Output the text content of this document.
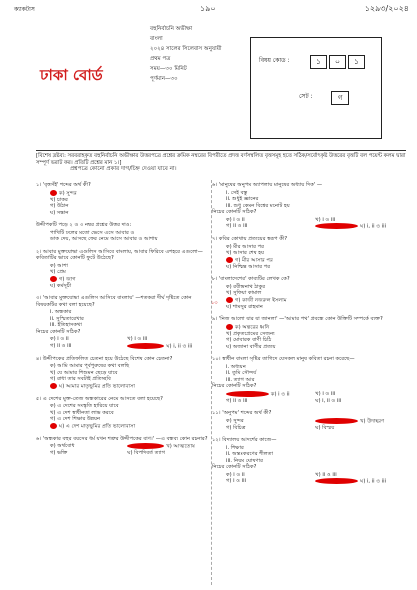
ক্যাকটাস	১৯০	১২৯৩/২০২৪
ঢাকা বোর্ড
বহুনির্বাচনি অভীক্ষা
বাংলা
২০২৪ সালের সিলেবাস অনুযায়ী
প্রথম পত্র
সময়—৩০ মিনিট
পূর্ণমান—৩০
বিষয় কোড :	১	০	১
সেট :	গ
[বিশেষ দ্রষ্টব্য: সরবরাহকৃত বহুনির্বাচনি অভীক্ষার উত্তরপত্রে প্রশ্নের ক্রমিক নম্বরের বিপরীতে প্রদত্ত বর্ণসম্বলিত বৃত্তসমূহ হতে সঠিক/সর্বোৎকৃষ্ট উত্তরের বৃত্তটি বল পয়েন্ট কলম দ্বারা সম্পূর্ণ ভরাট কর। প্রতিটি প্রশ্নের মান ১।]
প্রশ্নপত্রে কোনো প্রকার দাগ/চিহ্ন দেওয়া যাবে না।
১। 'বৃত্তসঁই' শব্দের অর্থ কী?
ক) সুন্দর
খ) চাকর
গ) উঠান
ঘ) সন্তান
উদ্দীপকটি পড়ে ২ ও ৩ নম্বর প্রশ্নের উত্তর দাও:
পাখিটি ঢলের মতো ভেসে এসে আবার ও
ডাক দেয়, আসছে ফের নেমে আসে আবার ও আশায়
২। আবার মুক্তযোদ্ধা এগুলিস আসিবে বাংলায়, আবার ফিরিবে এশহরে এগুলো—কবিতাটির ভাবে কোনটি ফুটে উঠেছে?
ক) আশা
খ) প্রেম
গ) জাগ
ঘ) কর্মসূচী
৩। 'আবার মুক্তযোদ্ধা এগুলিস আসিবে বাংলায়' —শতকরা দীর্ঘ দৃষ্টিতে কোন বিষয়কটির কথা বলা হয়েছে?
i. অন্ধকার
ii. সুস্মিতারেখার
iii. ইতিহাসকথা
নিচের কোনটি সঠিক?
ক) i ও ii	খ) i ও iii
গ) ii ও iii	ঘ) i, ii ও iii
৪। উদ্দীপকের প্রতিফলিত চেতনা হয়ে উঠেছে বিশেষ কোন চেতনা?
ক) আমি আমার পূর্বপুরুষের কথা বলছি
খ) যে আমার শিশুমন ছেড়ে যাবে
গ) রাধা তার সবটাই প্রতিচ্ছবি
ঘ) আমার মাতৃভূমির প্রতি ভালোবাসা
৫। এ দেশের মুক্ত-তেজ অন্ধকারের নেমে আসতে বলা হয়েছে?
ক) এ দেশের সংস্কৃতি হারিয়ে যাবে
খ) এ দেশ স্বাধীনতা লাভ করবে
গ) এ দেশ শিক্ষার উন্নয়ন
ঘ) এ দেশ মাতৃভূমির প্রতি ভালোবাসা
৬। 'অন্ধকার বহুর বয়সের ধর্ম যখন শত্রুর উদ্দীপকের বাণ।' —এ বন্ধব্য কোন রচনার?
ক) অর্থবোধ	খ) আত্মতোষ
গ) ভক্তি	ঘ) বিপদিবর্ত ত্যাগ
৬। 'মানুষের অনুপম অ্যাপলায় মানুষের অধ্যায় দিক' —
i. সেই বস্তু
ii. শুধুই জ্ঞানের
iii. শুধু কেমন বিশ্বের মনোট হয়
নিচের কোনটি সঠিক?
ক) i ও ii	খ) i ও iii
গ) ii ও iii	ঘ) i, ii ও iii
৭। কবির কোথায় প্রত্যয়ের স্বরূপ কী?
ক) মীর আসার পর
খ) আসার শেষ হয়
গ) মীর আসার পর
ঘ) নিশ্চিন্ত আসার পর
৮। 'বাংলাদেশের' কাব্যটির লেখক কে?
ক) রবীন্দ্রনাথ ঠাকুর
খ) সুফিয়া কামাল
গ) কাজী নজরুল ইসলাম
ঘ) শামসুর রাহমান
৯। 'নিজ আলো যার যা জানলা' —'আমার পথ' প্রবন্ধে কোন উক্তিটি সম্পর্কে ব্যক্ত?
ক) অন্তরের ধ্বনি
খ) প্রকৃতপ্রেমের সেজন্য
গ) মোবারক বাণী চিঠি
ঘ) অজানা বাণীর প্রত্যয়
১০। স্বাধীন বাংলা সৃষ্টির তাগিদে যেসকল মানুষ কবিতা রচনা করেছে—
i. অধ্যয়ন
ii. তুমি সৌন্দর্য
iii. ত্যাগ আর
নিচের কোনটি সঠিক?
ক) i ও ii	খ) i ও iii
গ) ii ও iii	ঘ) i, ii ও iii
১১। 'অনুপম' শব্দের অর্থ কী?
ক) সুন্দর	খ) উদাহরণ
গ) বিচিত্র	ঘ) বিস্ময়
১২। বিদ্যালয় আদর্শের কাজে—
i. শিক্ষার
ii. অন্তঃকরণের শীলতা
iii. নিয়ম ঘোষণার
নিচের কোনটি সঠিক?
ক) i ও ii	খ) ii ও iii
গ) i ও iii	ঘ) i, ii ও iii
১৩
